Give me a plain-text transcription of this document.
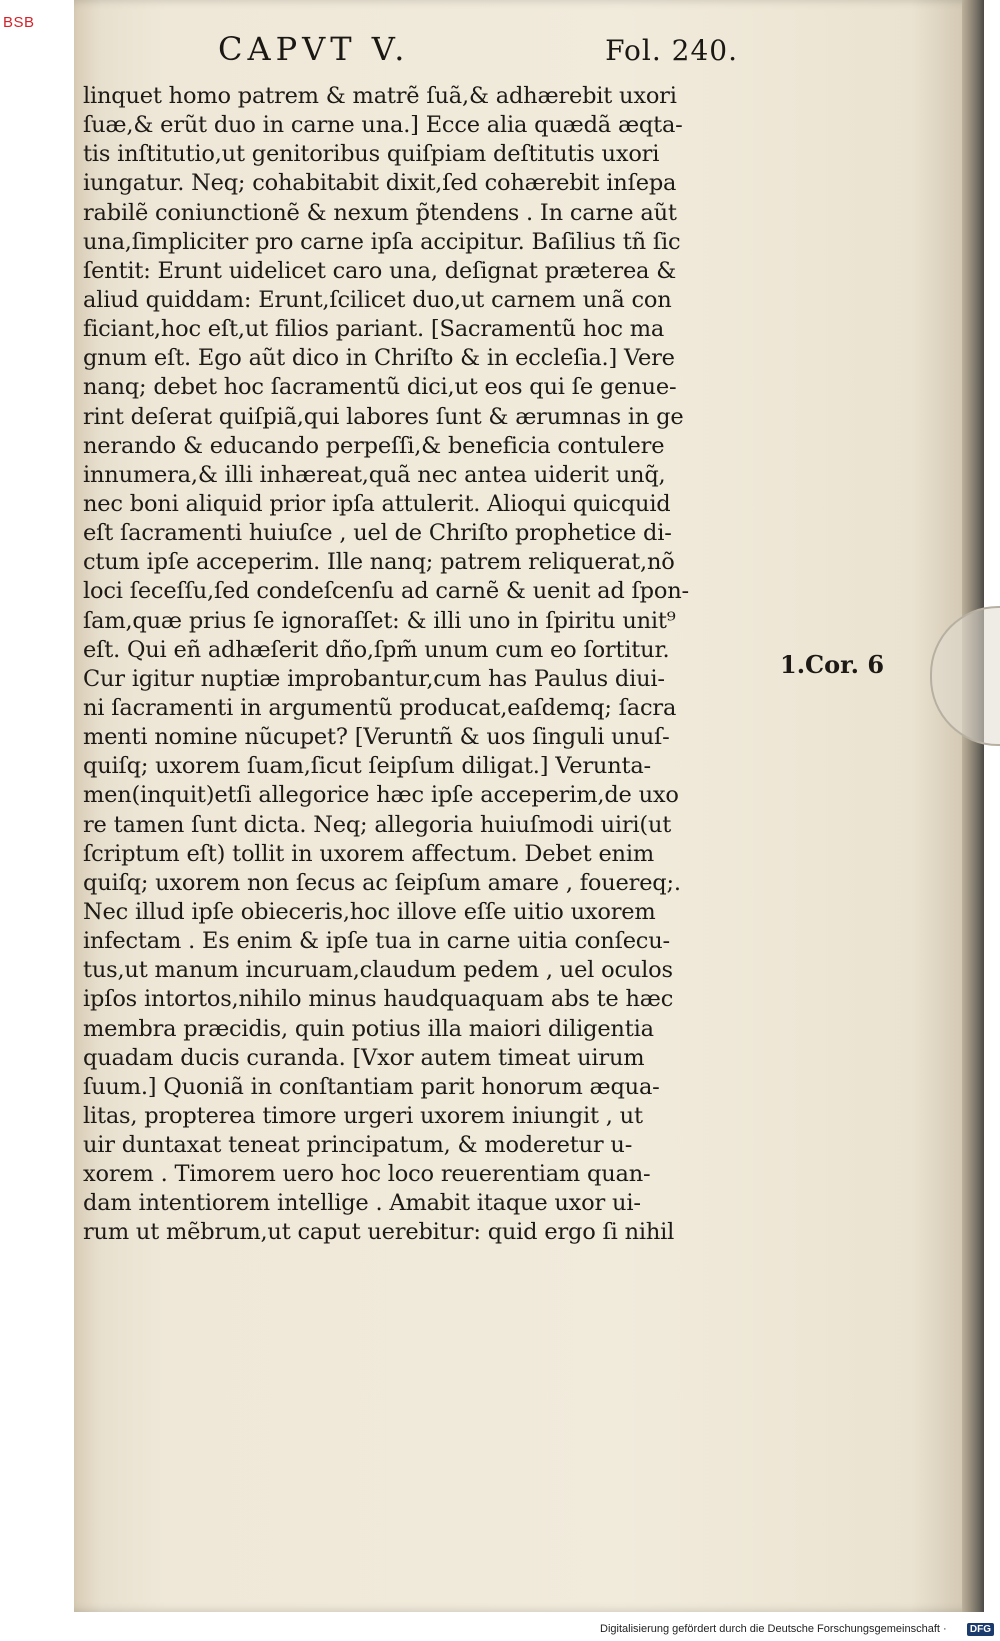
BSB
CAPVT V.	Fol. 240.
linquet homo patrem & matrẽ ſuã,& adhærebit uxori
ſuæ,& erũt duo in carne una.] Ecce alia quædã æqta-
tis inſtitutio,ut genitoribus quiſpiam deſtitutis uxori
iungatur. Neq; cohabitabit dixit,ſed cohærebit inſepa
rabilẽ coniunctionẽ & nexum p̃tendens . In carne aũt
una,ſimpliciter pro carne ipſa accipitur. Baſilius tñ ſic
ſentit: Erunt uidelicet caro una, deſignat præterea &
aliud quiddam: Erunt,ſcilicet duo,ut carnem unã con
ficiant,hoc eſt,ut filios pariant. [Sacramentũ hoc ma
gnum eſt. Ego aũt dico in Chriſto & in eccleſia.] Vere
nanq; debet hoc ſacramentũ dici,ut eos qui ſe genue-
rint deſerat quiſpiã,qui labores ſunt & ærumnas in ge
nerando & educando perpeſſi,& beneficia contulere
innumera,& illi inhæreat,quã nec antea uiderit unq̃,
nec boni aliquid prior ipſa attulerit. Alioqui quicquid
eſt ſacramenti huiuſce , uel de Chriſto prophetice di-
ctum ipſe acceperim. Ille nanq; patrem reliquerat,nõ
loci ſeceſſu,ſed condeſcenſu ad carnẽ & uenit ad ſpon-
ſam,quæ prius ſe ignoraſſet: & illi uno in ſpiritu unit⁹
eſt. Qui eñ adhæſerit dño,ſpm̃ unum cum eo ſortitur.
Cur igitur nuptiæ improbantur,cum has Paulus diui-
ni ſacramenti in argumentũ producat,eaſdemq; ſacra
menti nomine nũcupet? [Veruntñ & uos ſinguli unuſ-
quiſq; uxorem ſuam,ſicut ſeipſum diligat.] Verunta-
men(inquit)etſi allegorice hæc ipſe acceperim,de uxo
re tamen ſunt dicta. Neq; allegoria huiuſmodi uiri(ut
ſcriptum eſt) tollit in uxorem affectum. Debet enim
quiſq; uxorem non ſecus ac ſeipſum amare , fouereq;.
Nec illud ipſe obieceris,hoc illove eſſe uitio uxorem
infectam . Es enim & ipſe tua in carne uitia conſecu-
tus,ut manum incuruam,claudum pedem , uel oculos
ipſos intortos,nihilo minus haudquaquam abs te hæc
membra præcidis, quin potius illa maiori diligentia
quadam ducis curanda. [Vxor autem timeat uirum
ſuum.] Quoniã in conſtantiam parit honorum æqua-
litas, propterea timore urgeri uxorem iniungit , ut
uir duntaxat teneat principatum, & moderetur u-
xorem . Timorem uero hoc loco reuerentiam quan-
dam intentiorem intellige . Amabit itaque uxor ui-
rum ut mẽbrum,ut caput uerebitur: quid ergo ſi nihil
1.Cor. 6
Digitalisierung gefördert durch die Deutsche Forschungsgemeinschaft ·	DFG
